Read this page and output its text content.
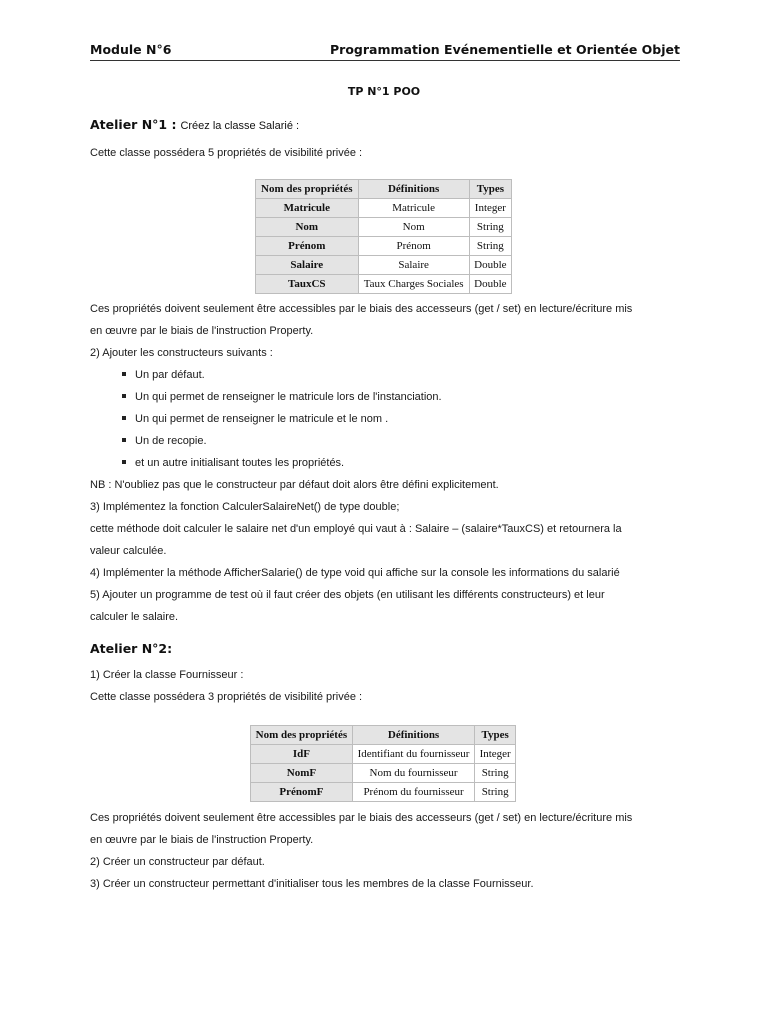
Module N°6	Programmation Evénementielle et Orientée Objet
TP N°1 POO
Atelier N°1 : Créez la classe Salarié :
Cette classe possédera 5 propriétés de visibilité privée :
Nom des propriétés	Définitions	Types
Matricule	Matricule	Integer
Nom	Nom	String
Prénom	Prénom	String
Salaire	Salaire	Double
TauxCS	Taux Charges Sociales	Double
Ces propriétés doivent seulement être accessibles par le biais des accesseurs (get / set) en lecture/écriture mis
en œuvre par le biais de l'instruction Property.
2) Ajouter les constructeurs suivants :
Un par défaut.
Un qui permet de renseigner le matricule lors de l'instanciation.
Un qui permet de renseigner le matricule et le nom .
Un de recopie.
et un autre initialisant toutes les propriétés.
NB : N'oubliez pas que le constructeur par défaut doit alors être défini explicitement.
3) Implémentez la fonction CalculerSalaireNet() de type double;
cette méthode doit calculer le salaire net d'un employé qui vaut à : Salaire – (salaire*TauxCS) et retournera la
valeur calculée.
4) Implémenter la méthode AfficherSalarie() de type void qui affiche sur la console les informations du salarié
5) Ajouter un programme de test où il faut créer des objets (en utilisant les différents constructeurs) et leur
calculer le salaire.
Atelier N°2:
1) Créer la classe Fournisseur :
Cette classe possédera 3 propriétés de visibilité privée :
Nom des propriétés	Définitions	Types
IdF	Identifiant du fournisseur	Integer
NomF	Nom du fournisseur	String
PrénomF	Prénom du fournisseur	String
Ces propriétés doivent seulement être accessibles par le biais des accesseurs (get / set) en lecture/écriture mis
en œuvre par le biais de l'instruction Property.
2) Créer un constructeur par défaut.
3) Créer un constructeur permettant d'initialiser tous les membres de la classe Fournisseur.
